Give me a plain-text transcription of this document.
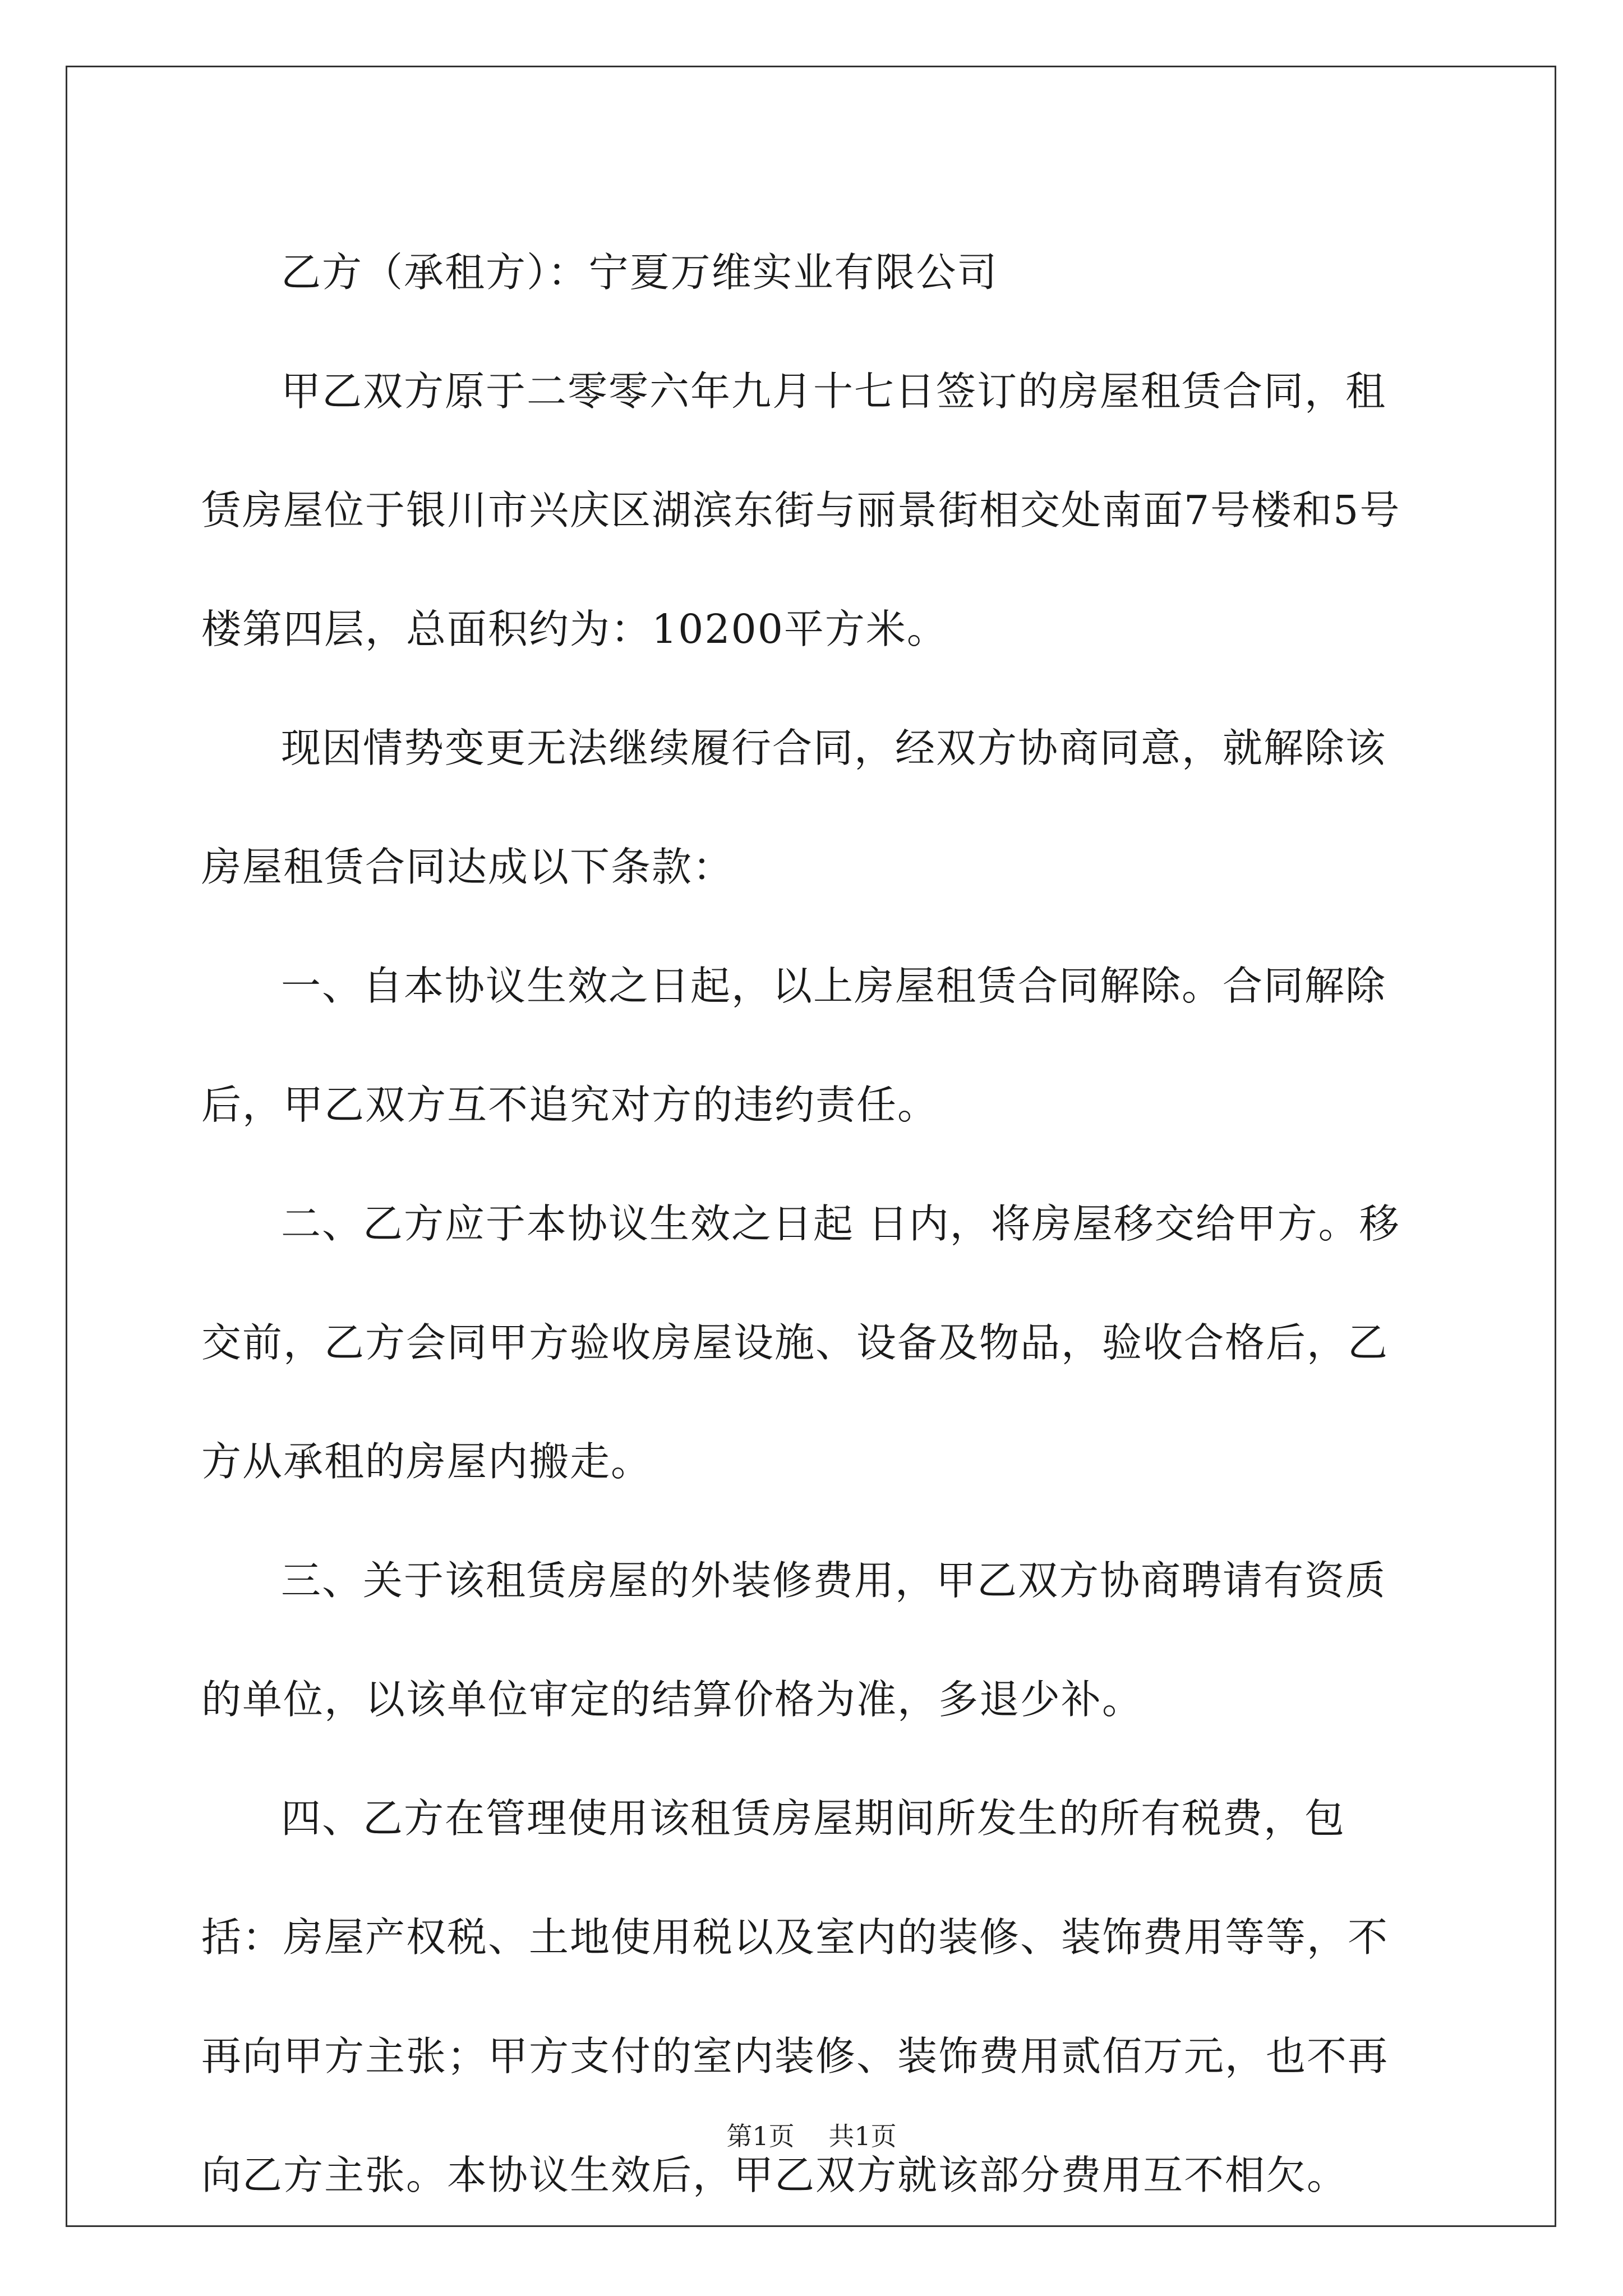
乙方（承租方）：宁夏万维实业有限公司

甲乙双方原于二零零六年九月十七日签订的房屋租赁合同，租赁房屋位于银川市兴庆区湖滨东街与丽景街相交处南面7号楼和5号楼第四层，总面积约为：10200平方米。

现因情势变更无法继续履行合同，经双方协商同意，就解除该房屋租赁合同达成以下条款：

一、自本协议生效之日起，以上房屋租赁合同解除。合同解除后，甲乙双方互不追究对方的违约责任。

二、乙方应于本协议生效之日起 日内，将房屋移交给甲方。移交前，乙方会同甲方验收房屋设施、设备及物品，验收合格后，乙方从承租的房屋内搬走。

三、关于该租赁房屋的外装修费用，甲乙双方协商聘请有资质的单位，以该单位审定的结算价格为准，多退少补。

四、乙方在管理使用该租赁房屋期间所发生的所有税费，包括：房屋产权税、土地使用税以及室内的装修、装饰费用等等，不再向甲方主张；甲方支付的室内装修、装饰费用贰佰万元，也不再向乙方主张。本协议生效后，甲乙双方就该部分费用互不相欠。

第1页 共1页
